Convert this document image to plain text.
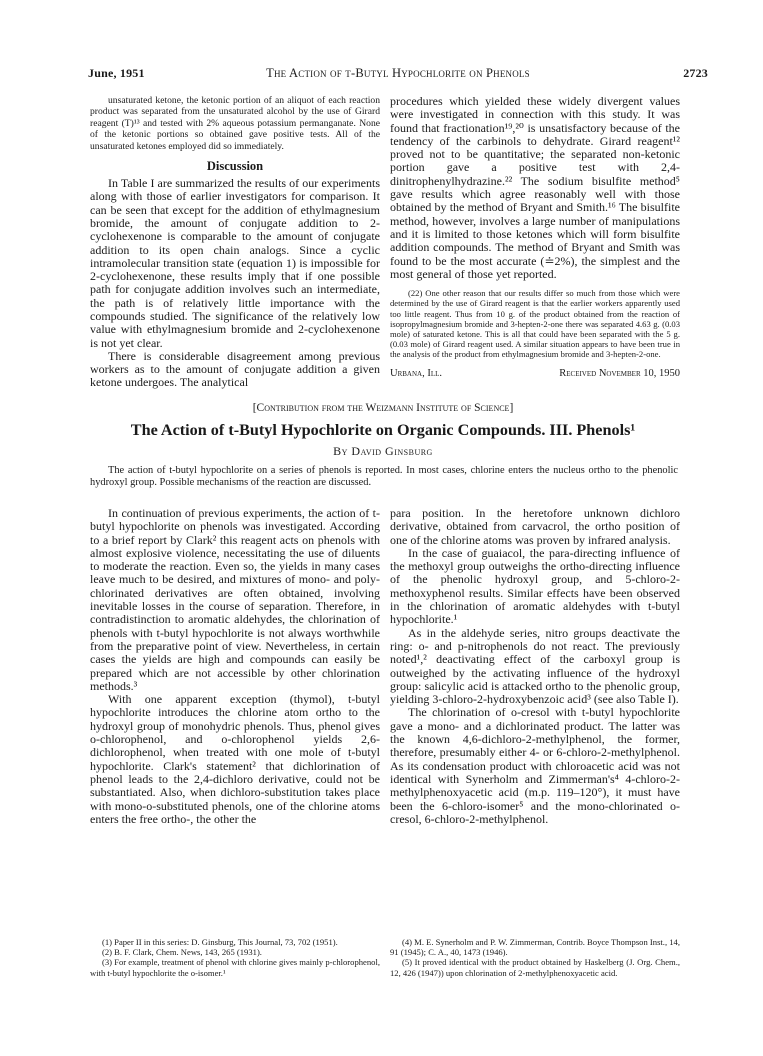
June, 1951	The Action of t-Butyl Hypochlorite on Phenols	2723

unsaturated ketone, the ketonic portion of an aliquot of each reaction product was separated from the unsaturated alcohol by the use of Girard reagent (T)¹³ and tested with 2% aqueous potassium permanganate. None of the ketonic portions so obtained gave positive tests. All of the unsaturated ketones employed did so immediately.

Discussion

In Table I are summarized the results of our experiments along with those of earlier investigators for comparison. It can be seen that except for the addition of ethylmagnesium bromide, the amount of conjugate addition to 2-cyclohexenone is comparable to the amount of conjugate addition to its open chain analogs. Since a cyclic intramolecular transition state (equation 1) is impossible for 2-cyclohexenone, these results imply that if one possible path for conjugate addition involves such an intermediate, the path is of relatively little importance with the compounds studied. The significance of the relatively low value with ethylmagnesium bromide and 2-cyclohexenone is not yet clear.

There is considerable disagreement among previous workers as to the amount of conjugate addition a given ketone undergoes. The analytical

procedures which yielded these widely divergent values were investigated in connection with this study. It was found that fractionation¹⁹,²⁰ is unsatisfactory because of the tendency of the carbinols to dehydrate. Girard reagent¹² proved not to be quantitative; the separated non-ketonic portion gave a positive test with 2,4-dinitrophenylhydrazine.²² The sodium bisulfite method⁵ gave results which agree reasonably well with those obtained by the method of Bryant and Smith.¹⁶ The bisulfite method, however, involves a large number of manipulations and it is limited to those ketones which will form bisulfite addition compounds. The method of Bryant and Smith was found to be the most accurate (≐2%), the simplest and the most general of those yet reported.

(22) One other reason that our results differ so much from those which were determined by the use of Girard reagent is that the earlier workers apparently used too little reagent. Thus from 10 g. of the product obtained from the reaction of isopropylmagnesium bromide and 3-hepten-2-one there was separated 4.63 g. (0.03 mole) of saturated ketone. This is all that could have been separated with the 5 g. (0.03 mole) of Girard reagent used. A similar situation appears to have been true in the analysis of the product from ethylmagnesium bromide and 3-hepten-2-one.

Urbana, Ill.	Received November 10, 1950
[Contribution from the Weizmann Institute of Science]
The Action of t-Butyl Hypochlorite on Organic Compounds. III. Phenols¹
By David Ginsburg

The action of t-butyl hypochlorite on a series of phenols is reported. In most cases, chlorine enters the nucleus ortho to the phenolic hydroxyl group. Possible mechanisms of the reaction are discussed.

In continuation of previous experiments, the action of t-butyl hypochlorite on phenols was investigated. According to a brief report by Clark² this reagent acts on phenols with almost explosive violence, necessitating the use of diluents to moderate the reaction. Even so, the yields in many cases leave much to be desired, and mixtures of mono- and poly-chlorinated derivatives are often obtained, involving inevitable losses in the course of separation. Therefore, in contradistinction to aromatic aldehydes, the chlorination of phenols with t-butyl hypochlorite is not always worthwhile from the preparative point of view. Nevertheless, in certain cases the yields are high and compounds can easily be prepared which are not accessible by other chlorination methods.³

With one apparent exception (thymol), t-butyl hypochlorite introduces the chlorine atom ortho to the hydroxyl group of monohydric phenols. Thus, phenol gives o-chlorophenol, and o-chlorophenol yields 2,6-dichlorophenol, when treated with one mole of t-butyl hypochlorite. Clark's statement² that dichlorination of phenol leads to the 2,4-dichloro derivative, could not be substantiated. Also, when dichloro-substitution takes place with mono-o-substituted phenols, one of the chlorine atoms enters the free ortho-, the other the

para position. In the heretofore unknown dichloro derivative, obtained from carvacrol, the ortho position of one of the chlorine atoms was proven by infrared analysis.

In the case of guaiacol, the para-directing influence of the methoxyl group outweighs the ortho-directing influence of the phenolic hydroxyl group, and 5-chloro-2-methoxyphenol results. Similar effects have been observed in the chlorination of aromatic aldehydes with t-butyl hypochlorite.¹

As in the aldehyde series, nitro groups deactivate the ring: o- and p-nitrophenols do not react. The previously noted¹,² deactivating effect of the carboxyl group is outweighed by the activating influence of the hydroxyl group: salicylic acid is attacked ortho to the phenolic group, yielding 3-chloro-2-hydroxybenzoic acid³ (see also Table I).

The chlorination of o-cresol with t-butyl hypochlorite gave a mono- and a dichlorinated product. The latter was the known 4,6-dichloro-2-methylphenol, the former, therefore, presumably either 4- or 6-chloro-2-methylphenol. As its condensation product with chloroacetic acid was not identical with Synerholm and Zimmerman's⁴ 4-chloro-2-methylphenoxyacetic acid (m.p. 119–120°), it must have been the 6-chloro-isomer⁵ and the mono-chlorinated o-cresol, 6-chloro-2-methylphenol.

(1) Paper II in this series: D. Ginsburg, This Journal, 73, 702 (1951).

(2) B. F. Clark, Chem. News, 143, 265 (1931).

(3) For example, treatment of phenol with chlorine gives mainly p-chlorophenol, with t-butyl hypochlorite the o-isomer.¹

(4) M. E. Synerholm and P. W. Zimmerman, Contrib. Boyce Thompson Inst., 14, 91 (1945); C. A., 40, 1473 (1946).

(5) It proved identical with the product obtained by Haskelberg (J. Org. Chem., 12, 426 (1947)) upon chlorination of 2-methylphenoxyacetic acid.
